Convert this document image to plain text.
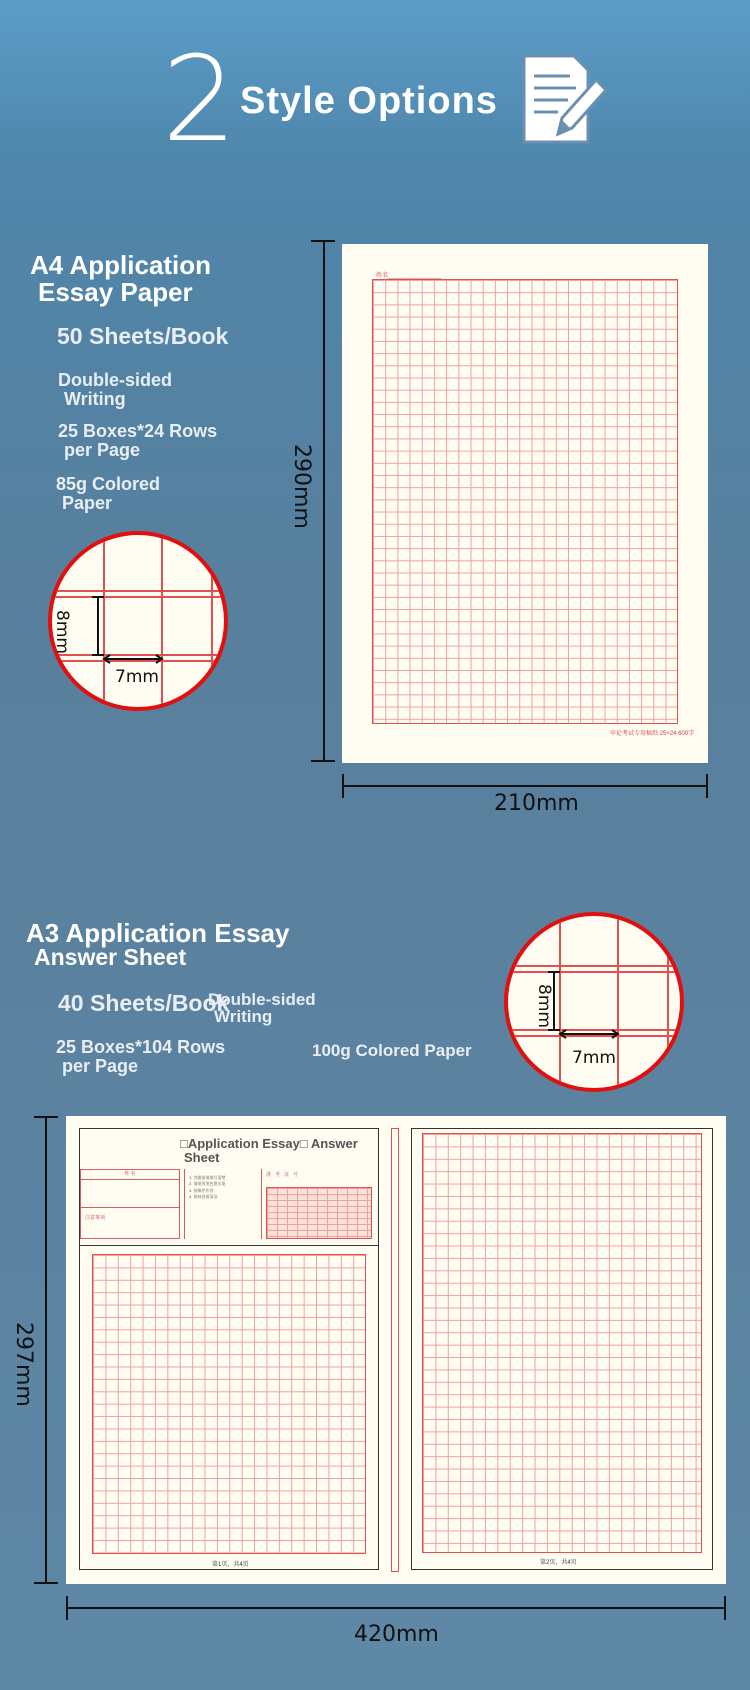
2 Style Options
A4 Application
Essay Paper
50 Sheets/Book
Double-sided
Writing
25 Boxes*24 Rows
per Page
85g Colored
Paper
8mm
7mm
290mm
姓名________________
申论考试专用稿纸 25×24 600字
210mm
A3 Application Essay
Answer Sheet
40 Sheets/Book
Double-sided
Writing
25 Boxes*104 Rows
per Page
100g Colored Paper
8mm
7mm
297mm
□Application Essay□ Answer
Sheet
姓 名
注意事项
1. 答题前请填写清楚
2. 请使用黑色墨水笔
3. 按顺序作答
4. 保持卷面清洁
准考证号
第1页，共4页	第2页，共4页
420mm
